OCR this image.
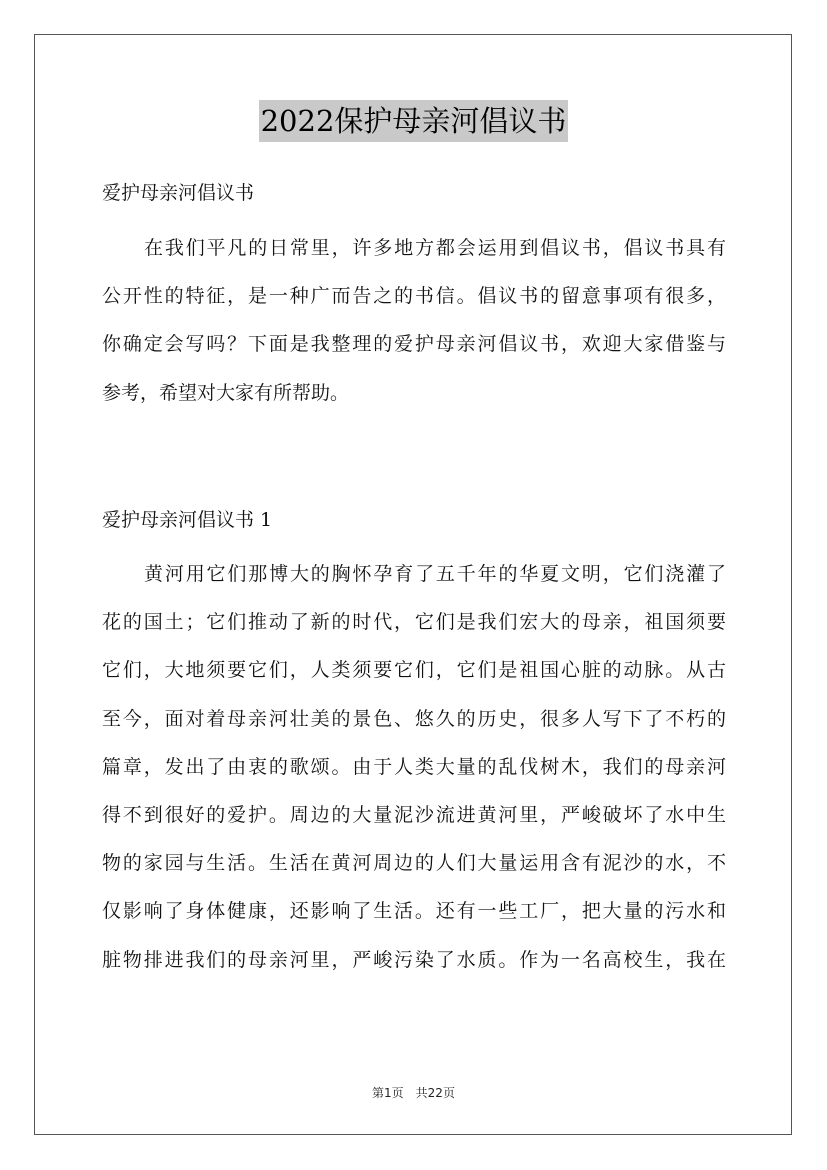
2022保护母亲河倡议书
爱护母亲河倡议书
在我们平凡的日常里，许多地方都会运用到倡议书，倡议书具有
公开性的特征，是一种广而告之的书信。倡议书的留意事项有很多，
你确定会写吗？下面是我整理的爱护母亲河倡议书，欢迎大家借鉴与
参考，希望对大家有所帮助。
爱护母亲河倡议书 1
黄河用它们那博大的胸怀孕育了五千年的华夏文明，它们浇灌了
花的国土；它们推动了新的时代，它们是我们宏大的母亲，祖国须要
它们，大地须要它们，人类须要它们，它们是祖国心脏的动脉。从古
至今，面对着母亲河壮美的景色、悠久的历史，很多人写下了不朽的
篇章，发出了由衷的歌颂。由于人类大量的乱伐树木，我们的母亲河
得不到很好的爱护。周边的大量泥沙流进黄河里，严峻破坏了水中生
物的家园与生活。生活在黄河周边的人们大量运用含有泥沙的水，不
仅影响了身体健康，还影响了生活。还有一些工厂，把大量的污水和
脏物排进我们的母亲河里，严峻污染了水质。作为一名高校生，我在
第1页 共22页
